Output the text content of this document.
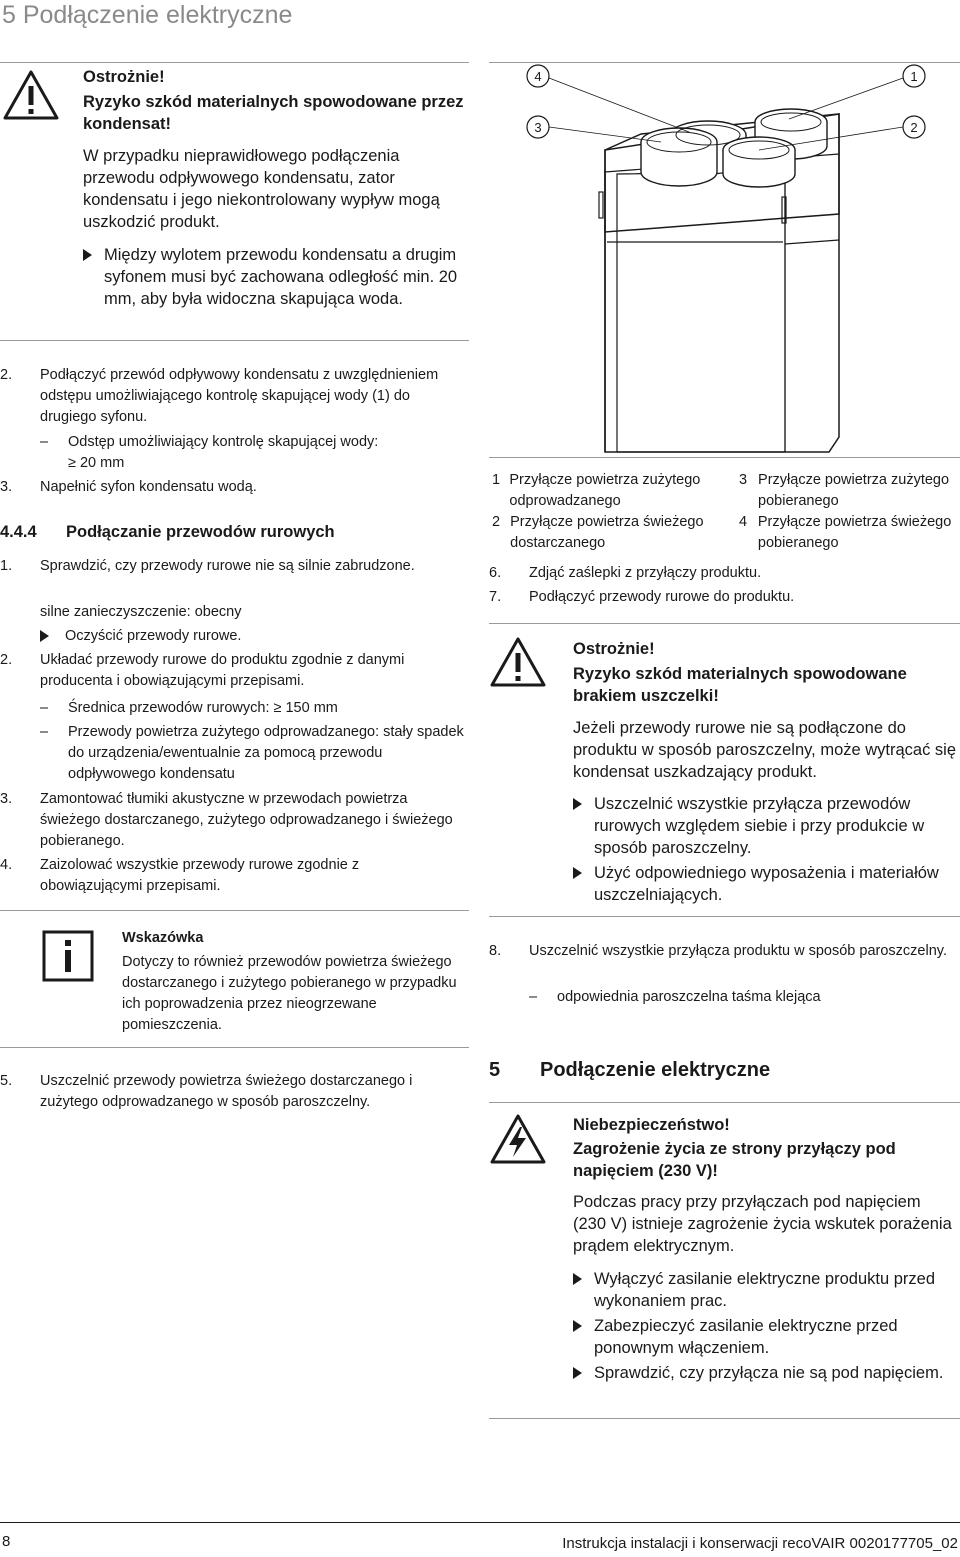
5 Podłączenie elektryczne
Ostrożnie!
Ryzyko szkód materialnych spowodowane przez kondensat!
W przypadku nieprawidłowego podłączenia przewodu odpływowego kondensatu, zator kondensatu i jego niekontrolowany wypływ mogą uszkodzić produkt.
Między wylotem przewodu kondensatu a drugim syfonem musi być zachowana odległość min. 20 mm, aby była widoczna skapująca woda.
2.	Podłączyć przewód odpływowy kondensatu z uwzględnieniem odstępu umożliwiającego kontrolę skapującej wody (1) do drugiego syfonu.
–	Odstęp umożliwiający kontrolę skapującej wody:
≥ 20 mm
3.	Napełnić syfon kondensatu wodą.
4.4.4	Podłączanie przewodów rurowych
1.	Sprawdzić, czy przewody rurowe nie są silnie zabrudzone.
silne zanieczyszczenie: obecny
Oczyścić przewody rurowe.
2.	Układać przewody rurowe do produktu zgodnie z danymi producenta i obowiązującymi przepisami.
–	Średnica przewodów rurowych: ≥ 150 mm
–	Przewody powietrza zużytego odprowadzanego: stały spadek do urządzenia/ewentualnie za pomocą przewodu odpływowego kondensatu
3.	Zamontować tłumiki akustyczne w przewodach powietrza świeżego dostarczanego, zużytego odprowadzanego i świeżego pobieranego.
4.	Zaizolować wszystkie przewody rurowe zgodnie z obowiązującymi przepisami.
Wskazówka
Dotyczy to również przewodów powietrza świeżego dostarczanego i zużytego pobieranego w przypadku ich poprowadzenia przez nieogrzewane pomieszczenia.
5.	Uszczelnić przewody powietrza świeżego dostarczanego i zużytego odprowadzanego w sposób paroszczelny.
4	1
3	2
1 Przyłącze powietrza zużytego odprowadzanego
3 Przyłącze powietrza zużytego pobieranego
2 Przyłącze powietrza świeżego dostarczanego
4 Przyłącze powietrza świeżego pobieranego
6.	Zdjąć zaślepki z przyłączy produktu.
7.	Podłączyć przewody rurowe do produktu.
Ostrożnie!
Ryzyko szkód materialnych spowodowane brakiem uszczelki!
Jeżeli przewody rurowe nie są podłączone do produktu w sposób paroszczelny, może wytrącać się kondensat uszkadzający produkt.
Uszczelnić wszystkie przyłącza przewodów rurowych względem siebie i przy produkcie w sposób paroszczelny.
Użyć odpowiedniego wyposażenia i materiałów uszczelniających.
8.	Uszczelnić wszystkie przyłącza produktu w sposób paroszczelny.
–	odpowiednia paroszczelna taśma klejąca
5	Podłączenie elektryczne
Niebezpieczeństwo!
Zagrożenie życia ze strony przyłączy pod napięciem (230 V)!
Podczas pracy przy przyłączach pod napięciem (230 V) istnieje zagrożenie życia wskutek porażenia prądem elektrycznym.
Wyłączyć zasilanie elektryczne produktu przed wykonaniem prac.
Zabezpieczyć zasilanie elektryczne przed ponownym włączeniem.
Sprawdzić, czy przyłącza nie są pod napięciem.
8	Instrukcja instalacji i konserwacji recoVAIR 0020177705_02
